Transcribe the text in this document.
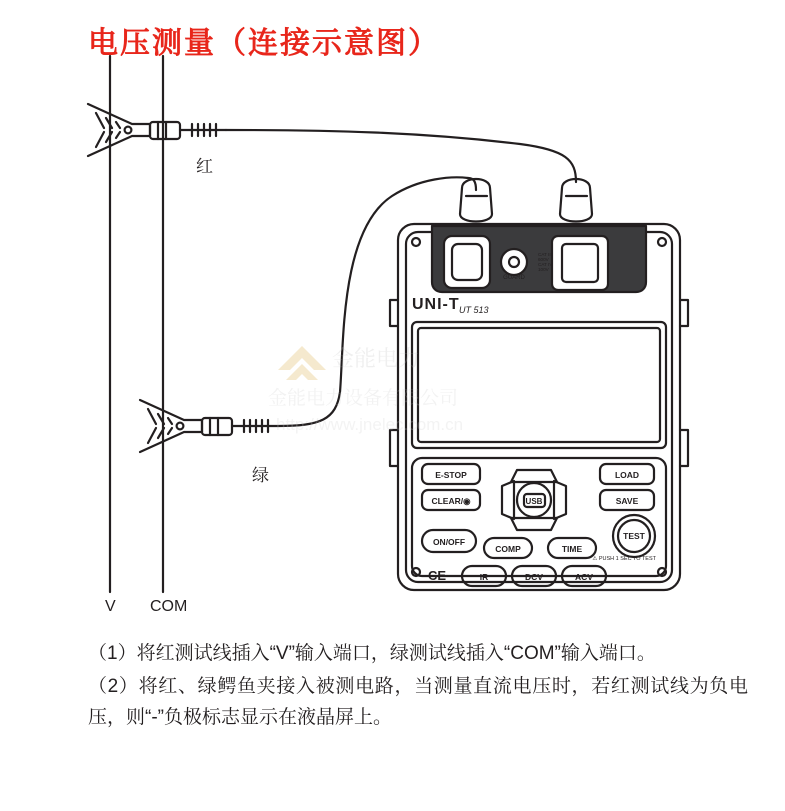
电压测量（连接示意图）
UNI-T UT 513
GUARD
CAT III
600V
CAT IV
100V
E-STOP
CLEAR/◉
ON/OFF
LOAD
SAVE
USB
COMP	TIME
TEST
IR	DCV	ACV
⚠ PUSH 1 SEC TO TEST
CE
红
绿
V COM
金能电力
金能电力设备有限公司
http://www.jnelec.com.cn

（1）将红测试线插入“V”输入端口，绿测试线插入“COM”输入端口。

（2）将红、绿鳄鱼夹接入被测电路，当测量直流电压时，若红测试线为负电压，则“-”负极标志显示在液晶屏上。
